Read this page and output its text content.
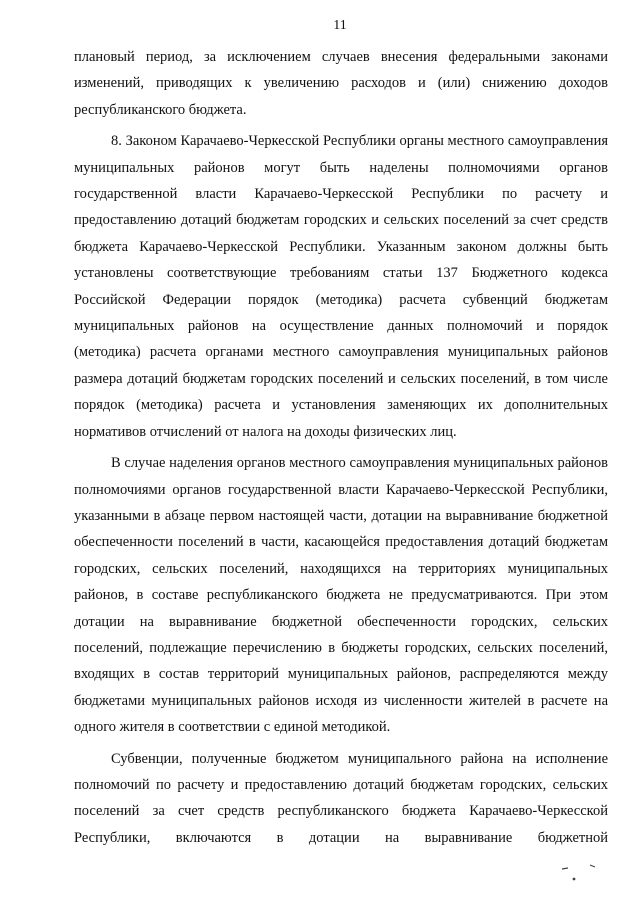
11

плановый период, за исключением случаев внесения федеральными законами изменений, приводящих к увеличению расходов и (или) снижению доходов республиканского бюджета.

8. Законом Карачаево-Черкесской Республики органы местного самоуправления муниципальных районов могут быть наделены полномочиями органов государственной власти Карачаево-Черкесской Республики по расчету и предоставлению дотаций бюджетам городских и сельских поселений за счет средств бюджета Карачаево-Черкесской Республики. Указанным законом должны быть установлены соответствующие требованиям статьи 137 Бюджетного кодекса Российской Федерации порядок (методика) расчета субвенций бюджетам муниципальных районов на осуществление данных полномочий и порядок (методика) расчета органами местного самоуправления муниципальных районов размера дотаций бюджетам городских поселений и сельских поселений, в том числе порядок (методика) расчета и установления заменяющих их дополнительных нормативов отчислений от налога на доходы физических лиц.

В случае наделения органов местного самоуправления муниципальных районов полномочиями органов государственной власти Карачаево-Черкесской Республики, указанными в абзаце первом настоящей части, дотации на выравнивание бюджетной обеспеченности поселений в части, касающейся предоставления дотаций бюджетам городских, сельских поселений, находящихся на территориях муниципальных районов, в составе республиканского бюджета не предусматриваются. При этом дотации на выравнивание бюджетной обеспеченности городских, сельских поселений, подлежащие перечислению в бюджеты городских, сельских поселений, входящих в состав территорий муниципальных районов, распределяются между бюджетами муниципальных районов исходя из численности жителей в расчете на одного жителя в соответствии с единой методикой.

Субвенции, полученные бюджетом муниципального района на исполнение полномочий по расчету и предоставлению дотаций бюджетам городских, сельских поселений за счет средств республиканского бюджета Карачаево-Черкесской Республики, включаются в дотации на выравнивание бюджетной
